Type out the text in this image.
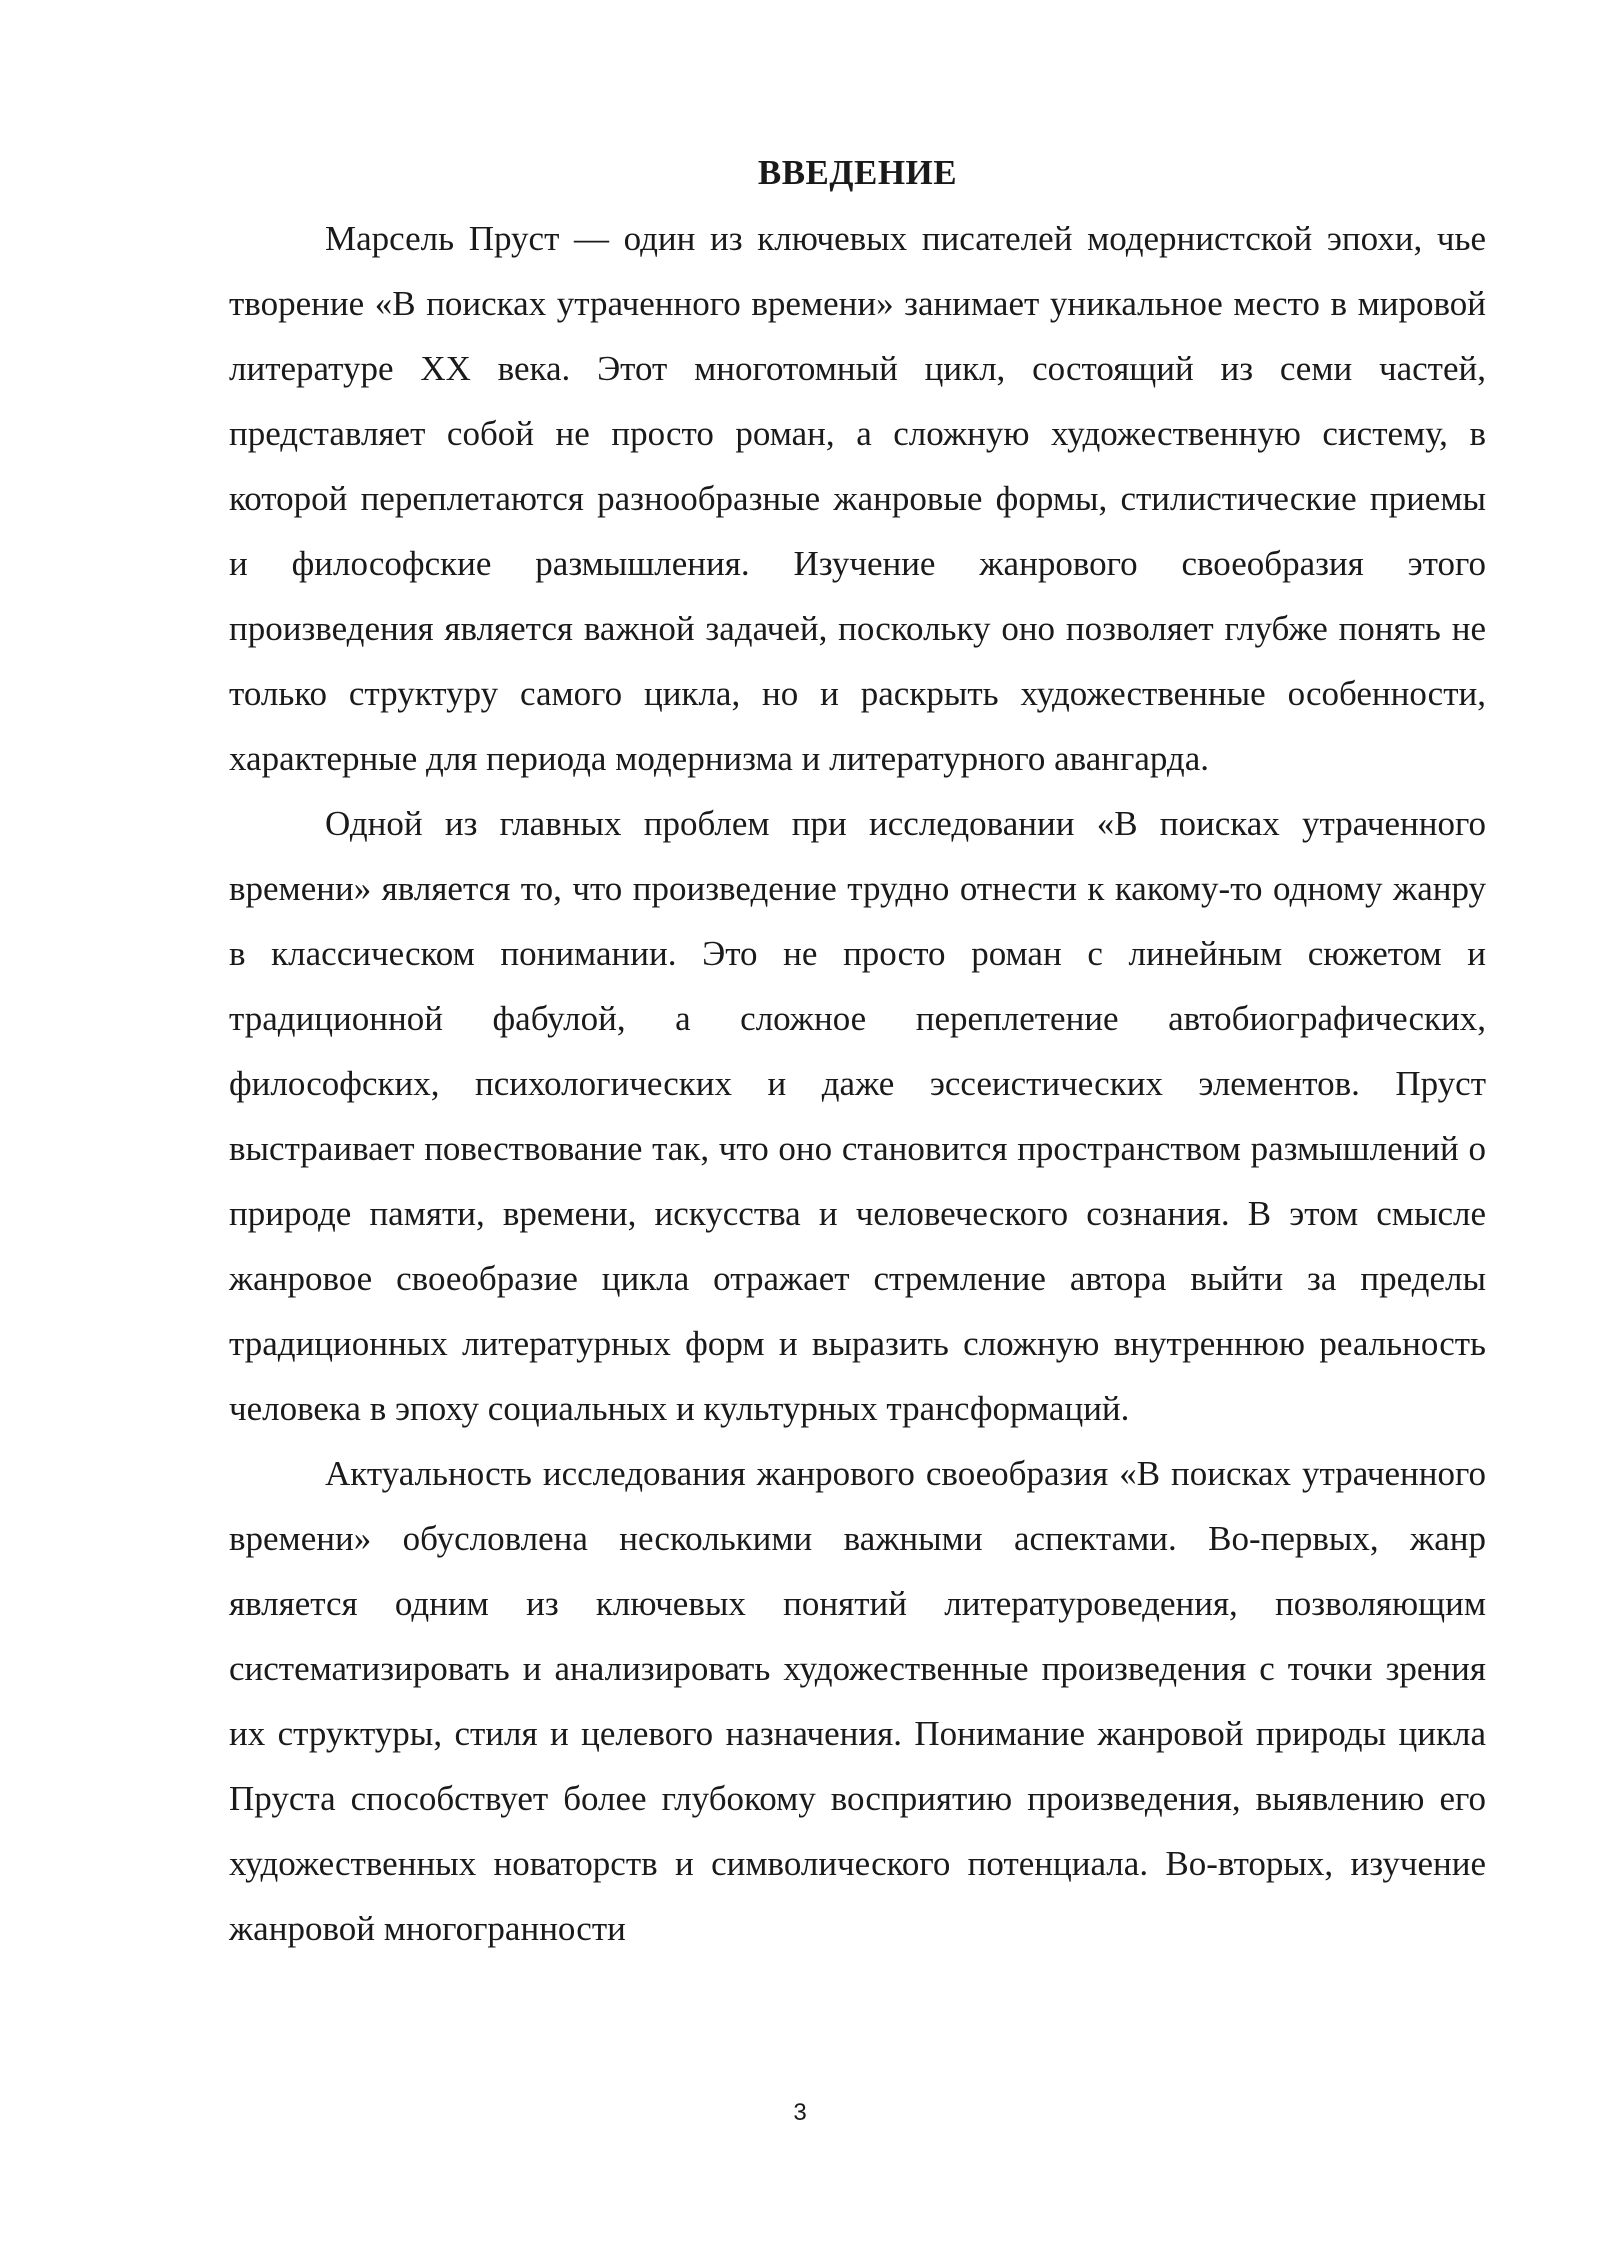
ВВЕДЕНИЕ

Марсель Пруст — один из ключевых писателей модернистской эпохи, чье творение «В поисках утраченного времени» занимает уникальное место в мировой литературе XX века. Этот многотомный цикл, состоящий из семи частей, представляет собой не просто роман, а сложную художественную систему, в которой переплетаются разнообразные жанровые формы, стилистические приемы и философские размышления. Изучение жанрового своеобразия этого произведения является важной задачей, поскольку оно позволяет глубже понять не только структуру самого цикла, но и раскрыть художественные особенности, характерные для периода модернизма и литературного авангарда.

Одной из главных проблем при исследовании «В поисках утраченного времени» является то, что произведение трудно отнести к какому-то одному жанру в классическом понимании. Это не просто роман с линейным сюжетом и традиционной фабулой, а сложное переплетение автобиографических, философских, психологических и даже эссеистических элементов. Пруст выстраивает повествование так, что оно становится пространством размышлений о природе памяти, времени, искусства и человеческого сознания. В этом смысле жанровое своеобразие цикла отражает стремление автора выйти за пределы традиционных литературных форм и выразить сложную внутреннюю реальность человека в эпоху социальных и культурных трансформаций.

Актуальность исследования жанрового своеобразия «В поисках утраченного времени» обусловлена несколькими важными аспектами. Во-первых, жанр является одним из ключевых понятий литературоведения, позволяющим систематизировать и анализировать художественные произведения с точки зрения их структуры, стиля и целевого назначения. Понимание жанровой природы цикла Пруста способствует более глубокому восприятию произведения, выявлению его художественных новаторств и символического потенциала. Во-вторых, изучение жанровой многогранности

3
